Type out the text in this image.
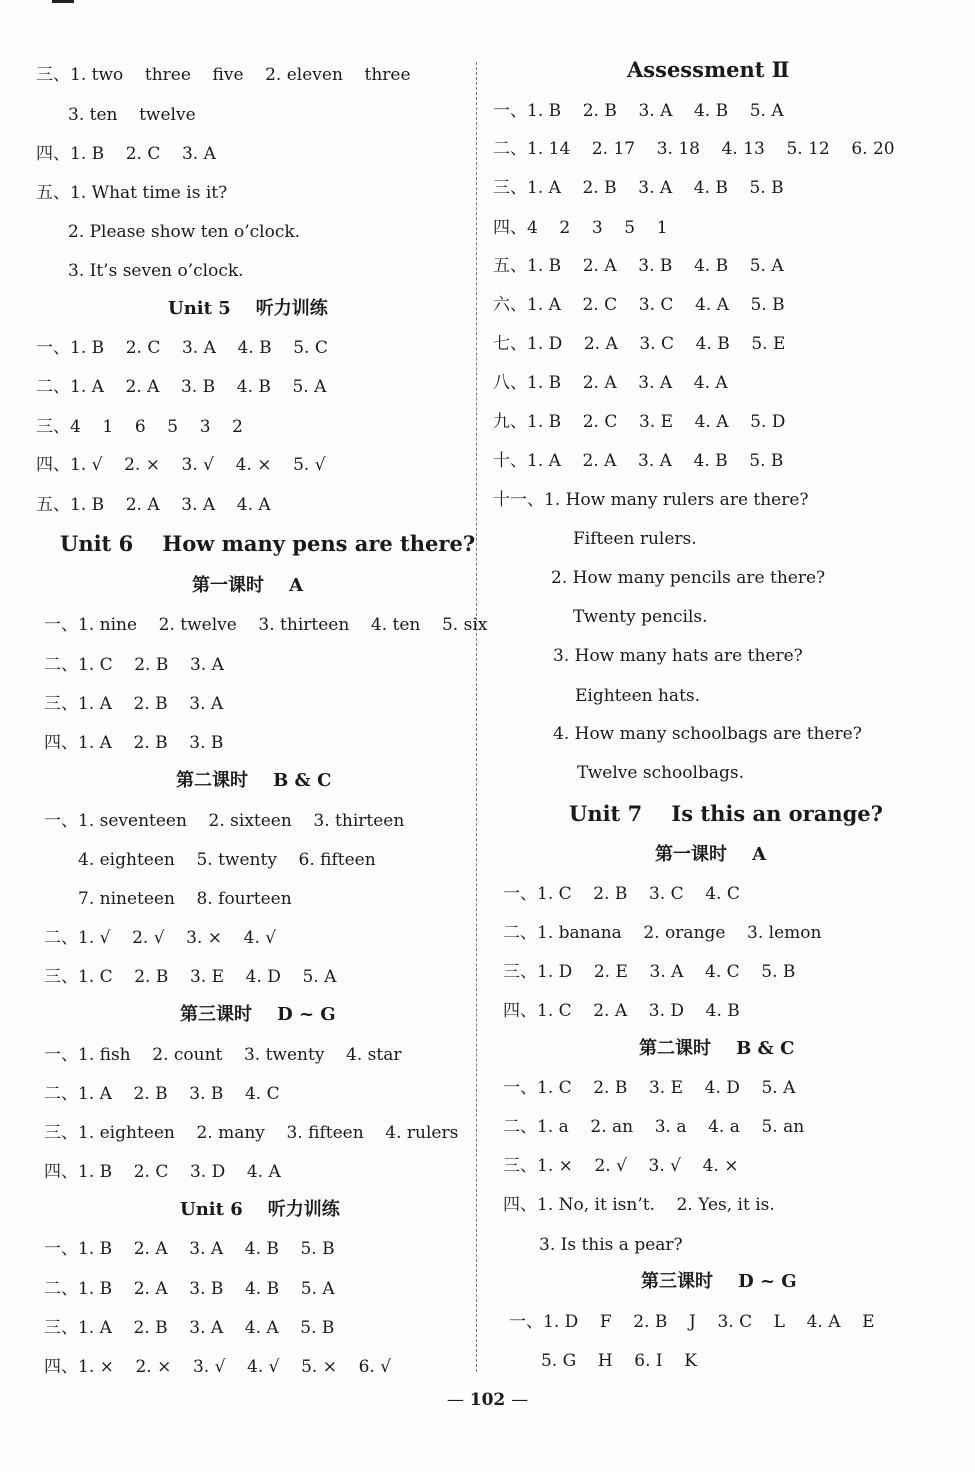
三、1. two    three    five    2. eleven    three
3. ten    twelve
四、1. B    2. C    3. A
五、1. What time is it?
2. Please show ten o’clock.
3. It’s seven o’clock.
Unit 5    听力训练
一、1. B    2. C    3. A    4. B    5. C
二、1. A    2. A    3. B    4. B    5. A
三、4    1    6    5    3    2
四、1. √    2. ×    3. √    4. ×    5. √
五、1. B    2. A    3. A    4. A
Unit 6    How many pens are there?
第一课时    A
一、1. nine    2. twelve    3. thirteen    4. ten    5. six
二、1. C    2. B    3. A
三、1. A    2. B    3. A
四、1. A    2. B    3. B
第二课时    B & C
一、1. seventeen    2. sixteen    3. thirteen
4. eighteen    5. twenty    6. fifteen
7. nineteen    8. fourteen
二、1. √    2. √    3. ×    4. √
三、1. C    2. B    3. E    4. D    5. A
第三课时    D ~ G
一、1. fish    2. count    3. twenty    4. star
二、1. A    2. B    3. B    4. C
三、1. eighteen    2. many    3. fifteen    4. rulers
四、1. B    2. C    3. D    4. A
Unit 6    听力训练
一、1. B    2. A    3. A    4. B    5. B
二、1. B    2. A    3. B    4. B    5. A
三、1. A    2. B    3. A    4. A    5. B
四、1. ×    2. ×    3. √    4. √    5. ×    6. √
Assessment Ⅱ
一、1. B    2. B    3. A    4. B    5. A
二、1. 14    2. 17    3. 18    4. 13    5. 12    6. 20
三、1. A    2. B    3. A    4. B    5. B
四、4    2    3    5    1
五、1. B    2. A    3. B    4. B    5. A
六、1. A    2. C    3. C    4. A    5. B
七、1. D    2. A    3. C    4. B    5. E
八、1. B    2. A    3. A    4. A
九、1. B    2. C    3. E    4. A    5. D
十、1. A    2. A    3. A    4. B    5. B
十一、1. How many rulers are there?
Fifteen rulers.
2. How many pencils are there?
Twenty pencils.
3. How many hats are there?
Eighteen hats.
4. How many schoolbags are there?
Twelve schoolbags.
Unit 7    Is this an orange?
第一课时    A
一、1. C    2. B    3. C    4. C
二、1. banana    2. orange    3. lemon
三、1. D    2. E    3. A    4. C    5. B
四、1. C    2. A    3. D    4. B
第二课时    B & C
一、1. C    2. B    3. E    4. D    5. A
二、1. a    2. an    3. a    4. a    5. an
三、1. ×    2. √    3. √    4. ×
四、1. No, it isn’t.    2. Yes, it is.
3. Is this a pear?
第三课时    D ~ G
一、1. D    F    2. B    J    3. C    L    4. A    E
5. G    H    6. I    K
— 102 —
